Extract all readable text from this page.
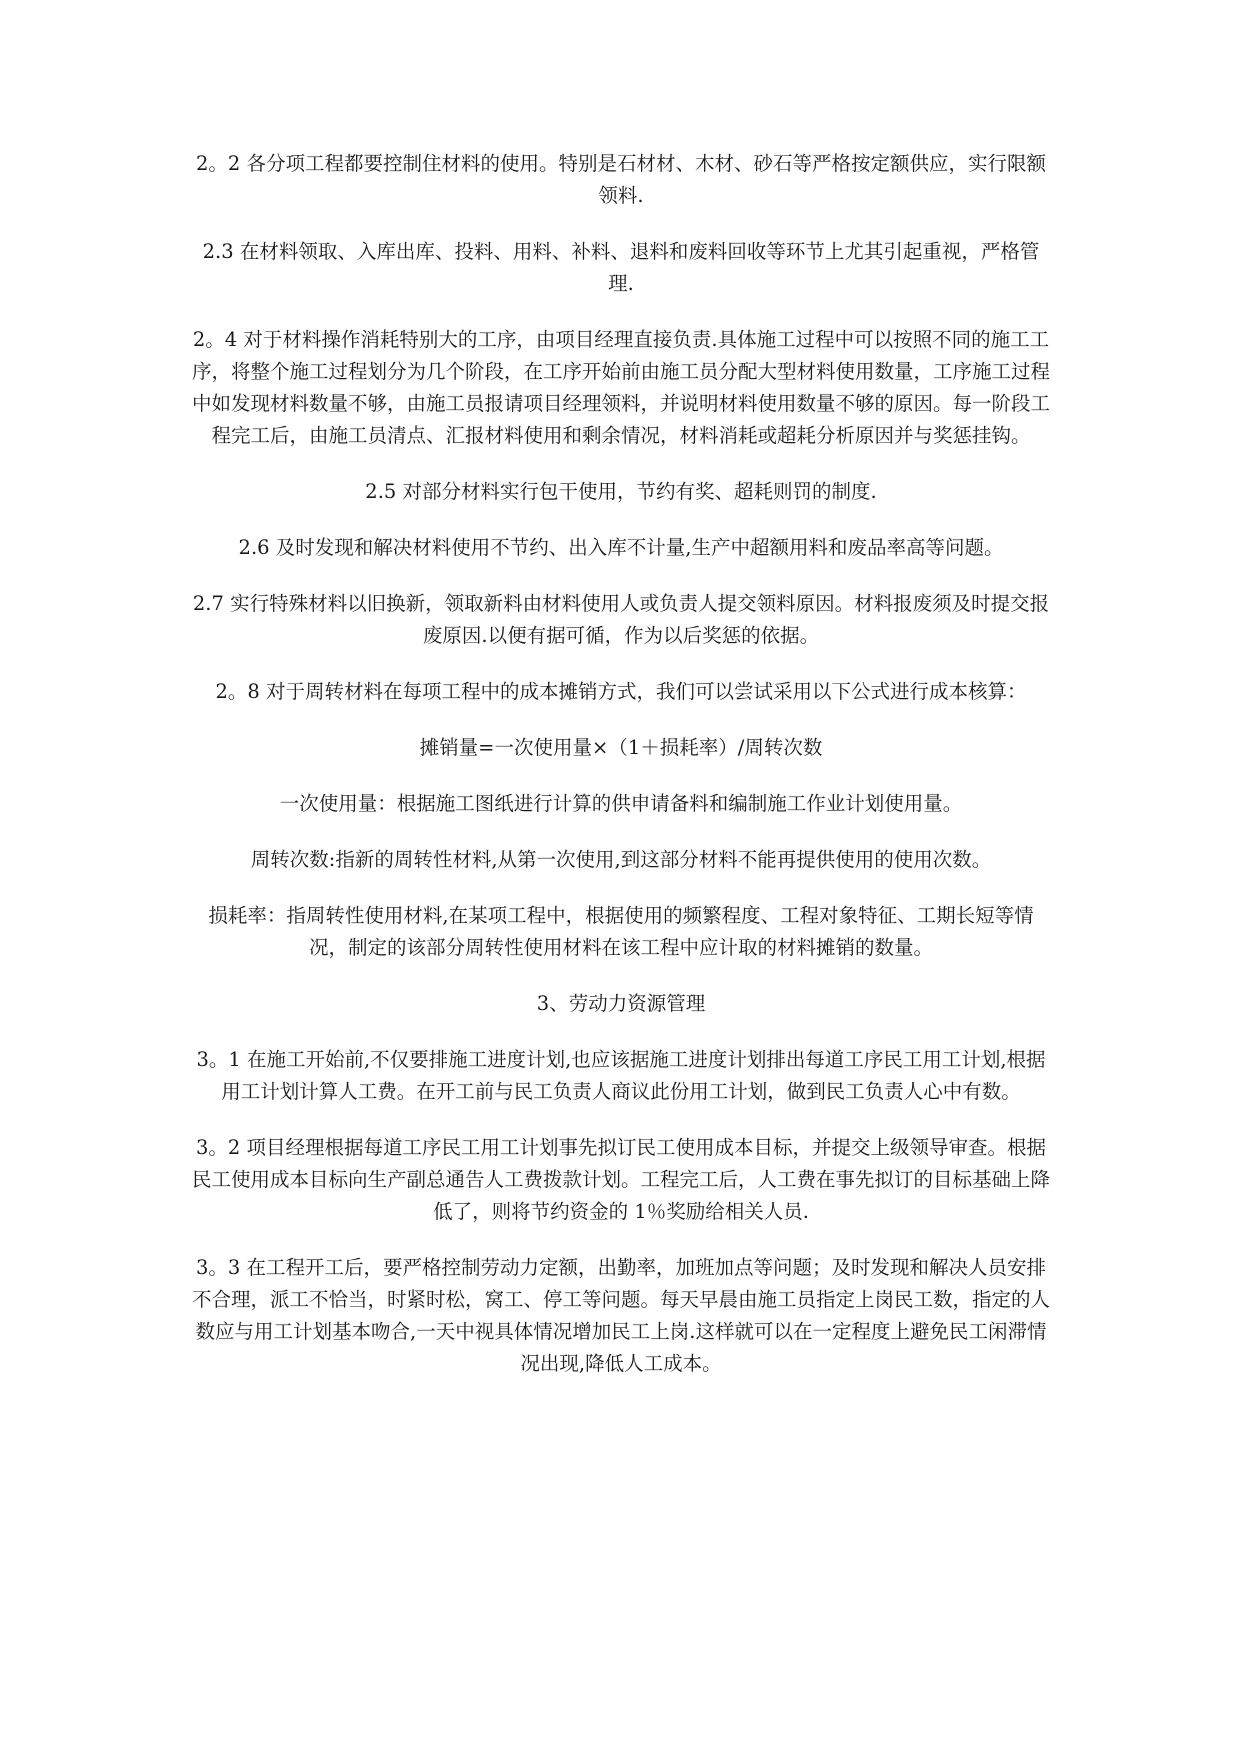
2。2 各分项工程都要控制住材料的使用。特别是石材材、木材、砂石等严格按定额供应，实行限额领料.

2.3 在材料领取、入库出库、投料、用料、补料、退料和废料回收等环节上尤其引起重视，严格管理.

2。4 对于材料操作消耗特别大的工序，由项目经理直接负责.具体施工过程中可以按照不同的施工工序，将整个施工过程划分为几个阶段，在工序开始前由施工员分配大型材料使用数量，工序施工过程中如发现材料数量不够，由施工员报请项目经理领料，并说明材料使用数量不够的原因。每一阶段工程完工后，由施工员清点、汇报材料使用和剩余情况，材料消耗或超耗分析原因并与奖惩挂钩。

2.5 对部分材料实行包干使用，节约有奖、超耗则罚的制度.

2.6 及时发现和解决材料使用不节约、出入库不计量,生产中超额用料和废品率高等问题。

2.7 实行特殊材料以旧换新，领取新料由材料使用人或负责人提交领料原因。材料报废须及时提交报废原因.以便有据可循，作为以后奖惩的依据。

2。8 对于周转材料在每项工程中的成本摊销方式，我们可以尝试采用以下公式进行成本核算：

摊销量=一次使用量×（1＋损耗率）/周转次数

一次使用量：根据施工图纸进行计算的供申请备料和编制施工作业计划使用量。

周转次数:指新的周转性材料,从第一次使用,到这部分材料不能再提供使用的使用次数。

损耗率：指周转性使用材料,在某项工程中，根据使用的频繁程度、工程对象特征、工期长短等情况，制定的该部分周转性使用材料在该工程中应计取的材料摊销的数量。

3、劳动力资源管理

3。1 在施工开始前,不仅要排施工进度计划,也应该据施工进度计划排出每道工序民工用工计划,根据用工计划计算人工费。在开工前与民工负责人商议此份用工计划，做到民工负责人心中有数。

3。2 项目经理根据每道工序民工用工计划事先拟订民工使用成本目标，并提交上级领导审查。根据民工使用成本目标向生产副总通告人工费拨款计划。工程完工后，人工费在事先拟订的目标基础上降低了，则将节约资金的 1％奖励给相关人员.

3。3 在工程开工后，要严格控制劳动力定额，出勤率，加班加点等问题；及时发现和解决人员安排不合理，派工不恰当，时紧时松，窝工、停工等问题。每天早晨由施工员指定上岗民工数，指定的人数应与用工计划基本吻合,一天中视具体情况增加民工上岗.这样就可以在一定程度上避免民工闲滞情况出现,降低人工成本。
